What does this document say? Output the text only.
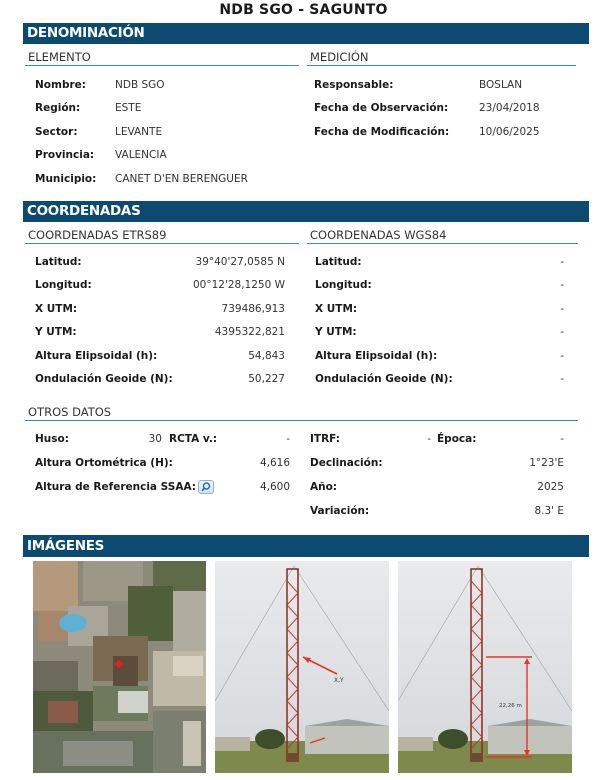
NDB SGO - SAGUNTO
DENOMINACIÓN
ELEMENTO	MEDICIÓN
Nombre:	NDB SGO
Región:	ESTE
Sector:	LEVANTE
Provincia: VALENCIA
Municipio: CANET D'EN BERENGUER
Responsable:	BOSLAN
Fecha de Observación:	23/04/2018
Fecha de Modificación:	10/06/2025
COORDENADAS
COORDENADAS ETRS89	COORDENADAS WGS84
Latitud:	39°40'27,0585 N
Longitud:	00°12'28,1250 W
X UTM:	739486,913
Y UTM:	4395322,821
Altura Elipsoidal (h):	54,843
Ondulación Geoide (N):	50,227
Latitud:	-
Longitud:	-
X UTM:	-
Y UTM:	-
Altura Elipsoidal (h):	-
Ondulación Geoide (N):	-
OTROS DATOS
Huso:	30 RCTA v.:	- ITRF:	- Época:	-
Altura Ortométrica (H):	4,616 Declinación:	1°23'E
Altura de Referencia SSAA:	4,600 Año:	2025
Variación:	8.3' E
IMÁGENES
X,Y
22,26 m
